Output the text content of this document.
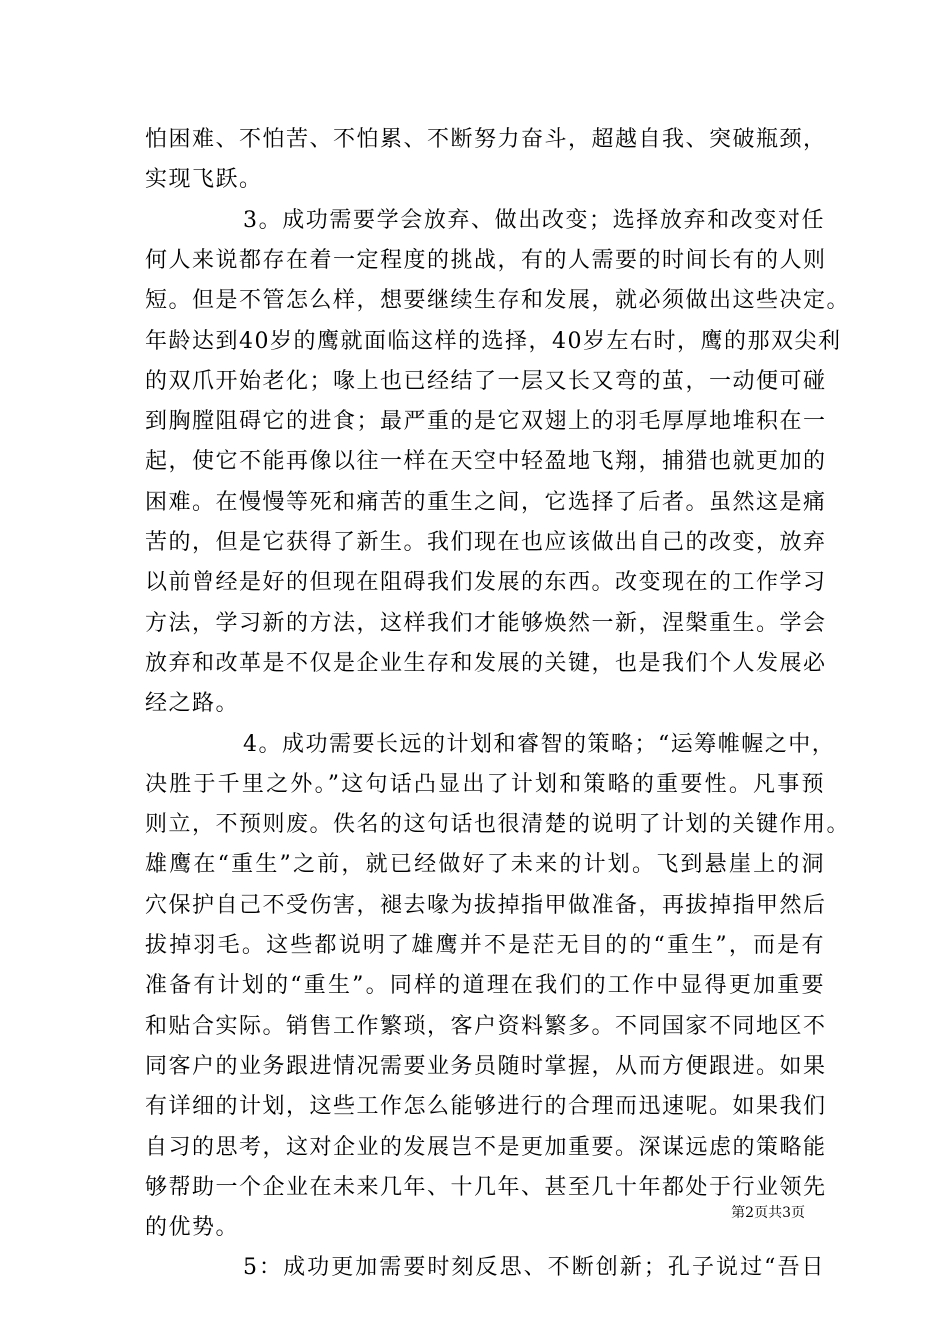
怕困难、不怕苦、不怕累、不断努力奋斗，超越自我、突破瓶颈，
实现飞跃。
3。成功需要学会放弃、做出改变；选择放弃和改变对任
何人来说都存在着一定程度的挑战，有的人需要的时间长有的人则
短。但是不管怎么样，想要继续生存和发展，就必须做出这些决定。
年龄达到40岁的鹰就面临这样的选择，40岁左右时，鹰的那双尖利
的双爪开始老化；喙上也已经结了一层又长又弯的茧，一动便可碰
到胸膛阻碍它的进食；最严重的是它双翅上的羽毛厚厚地堆积在一
起，使它不能再像以往一样在天空中轻盈地飞翔，捕猎也就更加的
困难。在慢慢等死和痛苦的重生之间，它选择了后者。虽然这是痛
苦的，但是它获得了新生。我们现在也应该做出自己的改变，放弃
以前曾经是好的但现在阻碍我们发展的东西。改变现在的工作学习
方法，学习新的方法，这样我们才能够焕然一新，涅槃重生。学会
放弃和改革是不仅是企业生存和发展的关键，也是我们个人发展必
经之路。
4。成功需要长远的计划和睿智的策略；“运筹帷幄之中，
决胜于千里之外。”这句话凸显出了计划和策略的重要性。凡事预
则立，不预则废。佚名的这句话也很清楚的说明了计划的关键作用。
雄鹰在“重生”之前，就已经做好了未来的计划。飞到悬崖上的洞
穴保护自己不受伤害，褪去喙为拔掉指甲做准备，再拔掉指甲然后
拔掉羽毛。这些都说明了雄鹰并不是茫无目的的“重生”，而是有
准备有计划的“重生”。同样的道理在我们的工作中显得更加重要
和贴合实际。销售工作繁琐，客户资料繁多。不同国家不同地区不
同客户的业务跟进情况需要业务员随时掌握，从而方便跟进。如果
有详细的计划，这些工作怎么能够进行的合理而迅速呢。如果我们
自习的思考，这对企业的发展岂不是更加重要。深谋远虑的策略能
够帮助一个企业在未来几年、十几年、甚至几十年都处于行业领先
的优势。
5：成功更加需要时刻反思、不断创新；孔子说过“吾日
第2页共3页
